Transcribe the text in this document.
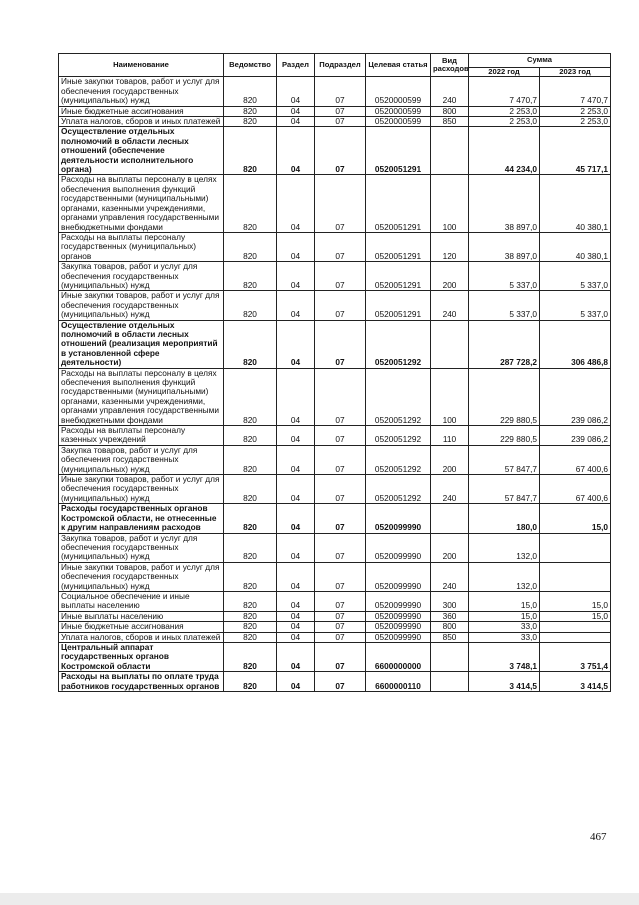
Наименование	Ведомство	Раздел	Подраздел	Целевая статья	Вид расходов	Сумма	
						2022 год	2023 год
Иные закупки товаров, работ и услуг для обеспечения государственных (муниципальных) нужд	820	04	07	0520000599	240	7 470,7	7 470,7
Иные бюджетные ассигнования	820	04	07	0520000599	800	2 253,0	2 253,0
Уплата налогов, сборов и иных платежей	820	04	07	0520000599	850	2 253,0	2 253,0
Осуществление отдельных полномочий в области лесных отношений (обеспечение деятельности исполнительного органа)	820	04	07	0520051291		44 234,0	45 717,1
Расходы на выплаты персоналу в целях обеспечения выполнения функций государственными (муниципальными) органами, казенными учреждениями, органами управления государственными внебюджетными фондами	820	04	07	0520051291	100	38 897,0	40 380,1
Расходы на выплаты персоналу государственных (муниципальных) органов	820	04	07	0520051291	120	38 897,0	40 380,1
Закупка товаров, работ и услуг для обеспечения государственных (муниципальных) нужд	820	04	07	0520051291	200	5 337,0	5 337,0
Иные закупки товаров, работ и услуг для обеспечения государственных (муниципальных) нужд	820	04	07	0520051291	240	5 337,0	5 337,0
Осуществление отдельных полномочий в области лесных отношений (реализация мероприятий в установленной сфере деятельности)	820	04	07	0520051292		287 728,2	306 486,8
Расходы на выплаты персоналу в целях обеспечения выполнения функций государственными (муниципальными) органами, казенными учреждениями, органами управления государственными внебюджетными фондами	820	04	07	0520051292	100	229 880,5	239 086,2
Расходы на выплаты персоналу казенных учреждений	820	04	07	0520051292	110	229 880,5	239 086,2
Закупка товаров, работ и услуг для обеспечения государственных (муниципальных) нужд	820	04	07	0520051292	200	57 847,7	67 400,6
Иные закупки товаров, работ и услуг для обеспечения государственных (муниципальных) нужд	820	04	07	0520051292	240	57 847,7	67 400,6
Расходы государственных органов Костромской области, не отнесенные к другим направлениям расходов	820	04	07	0520099990		180,0	15,0
Закупка товаров, работ и услуг для обеспечения государственных (муниципальных) нужд	820	04	07	0520099990	200	132,0	
Иные закупки товаров, работ и услуг для обеспечения государственных (муниципальных) нужд	820	04	07	0520099990	240	132,0	
Социальное обеспечение и иные выплаты населению	820	04	07	0520099990	300	15,0	15,0
Иные выплаты населению	820	04	07	0520099990	360	15,0	15,0
Иные бюджетные ассигнования	820	04	07	0520099990	800	33,0	
Уплата налогов, сборов и иных платежей	820	04	07	0520099990	850	33,0	
Центральный аппарат государственных органов Костромской области	820	04	07	6600000000		3 748,1	3 751,4
Расходы на выплаты по оплате труда работников государственных органов	820	04	07	6600000110		3 414,5	3 414,5
467
